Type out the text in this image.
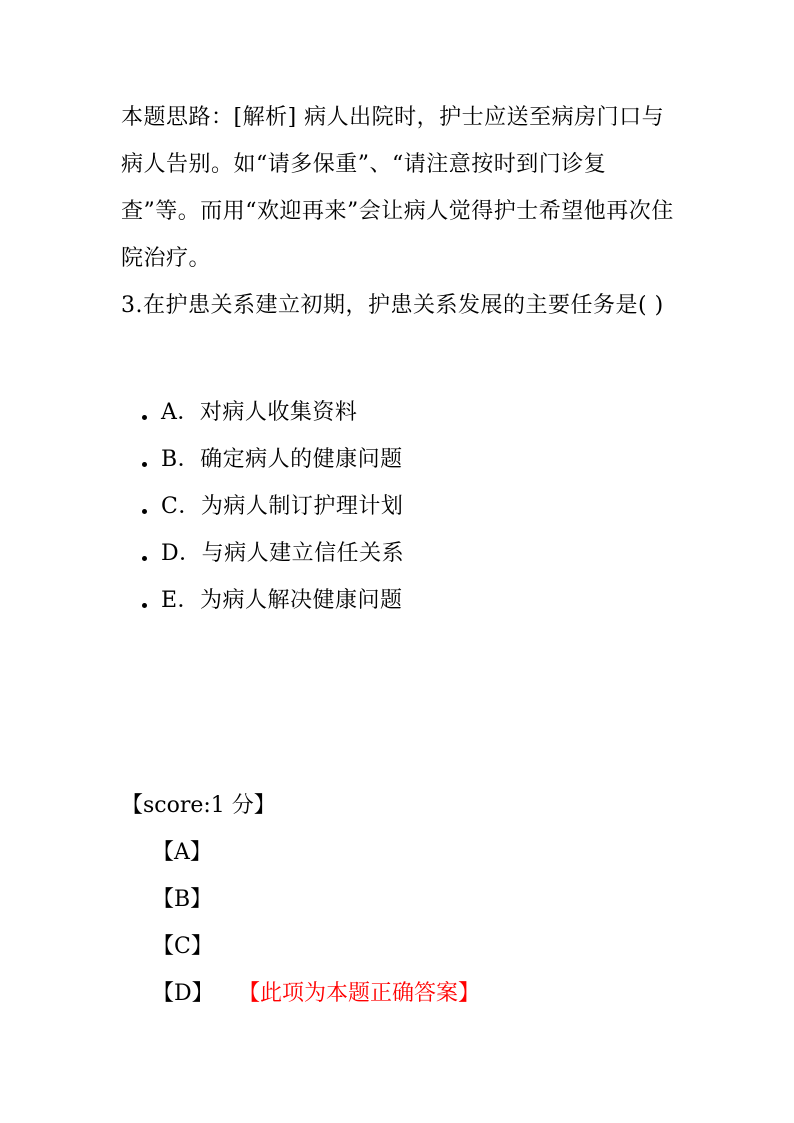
本题思路：[解析] 病人出院时，护士应送至病房门口与病人告别。如“请多保重”、“请注意按时到门诊复查”等。而用“欢迎再来”会让病人觉得护士希望他再次住院治疗。
3.在护患关系建立初期，护患关系发展的主要任务是( )
A．对病人收集资料
B．确定病人的健康问题
C．为病人制订护理计划
D．与病人建立信任关系
E．为病人解决健康问题
【score:1 分】
【A】
【B】
【C】
【D】	【此项为本题正确答案】
